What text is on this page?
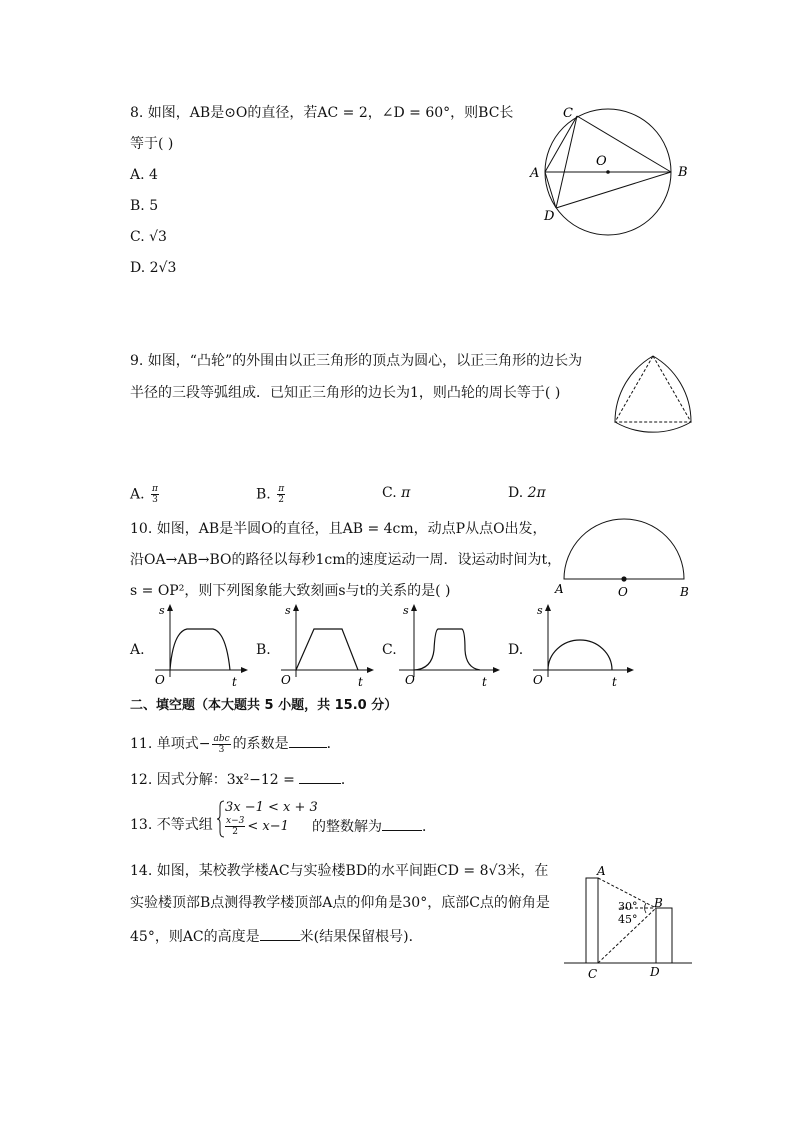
8. 如图，AB是⊙O的直径，若AC = 2，∠D = 60°，则BC长
等于( )
A. 4
B. 5
C. √3
D. 2√3
C
O
A	B
D
9. 如图，“凸轮”的外围由以正三角形的顶点为圆心，以正三角形的边长为
半径的三段等弧组成．已知正三角形的边长为1，则凸轮的周长等于( )
A. $\frac{\pi}{3}$	B. $\frac{\pi}{2}$	C. π	D. 2π
10. 如图，AB是半圆O的直径，且AB = 4cm，动点P从点O出发，
沿OA→AB→BO的路径以每秒1cm的速度运动一周．设运动时间为t，
s = OP²，则下列图象能大致刻画s与t的关系的是( )	A	O	B
A.
s
O	t
B.
s
O	t
C.
s
O	t
D.
s
O	t
二、填空题（本大题共 5 小题，共 15.0 分）
11. 单项式− $\frac{\text{abc}}{3}$ 的系数是	．
12. 因式分解：3x²−12 =	．
13. 不等式组
3x −1 < x + 3
$\frac{x-3}{2} < x-1$ 的整数解为	．
14. 如图，某校教学楼AC与实验楼BD的水平间距CD = 8√3米，在
实验楼顶部B点测得教学楼顶部A点的仰角是30°，底部C点的俯角是
45°，则AC的高度是	米(结果保留根号)．
A
B
C	D
30°
45°
